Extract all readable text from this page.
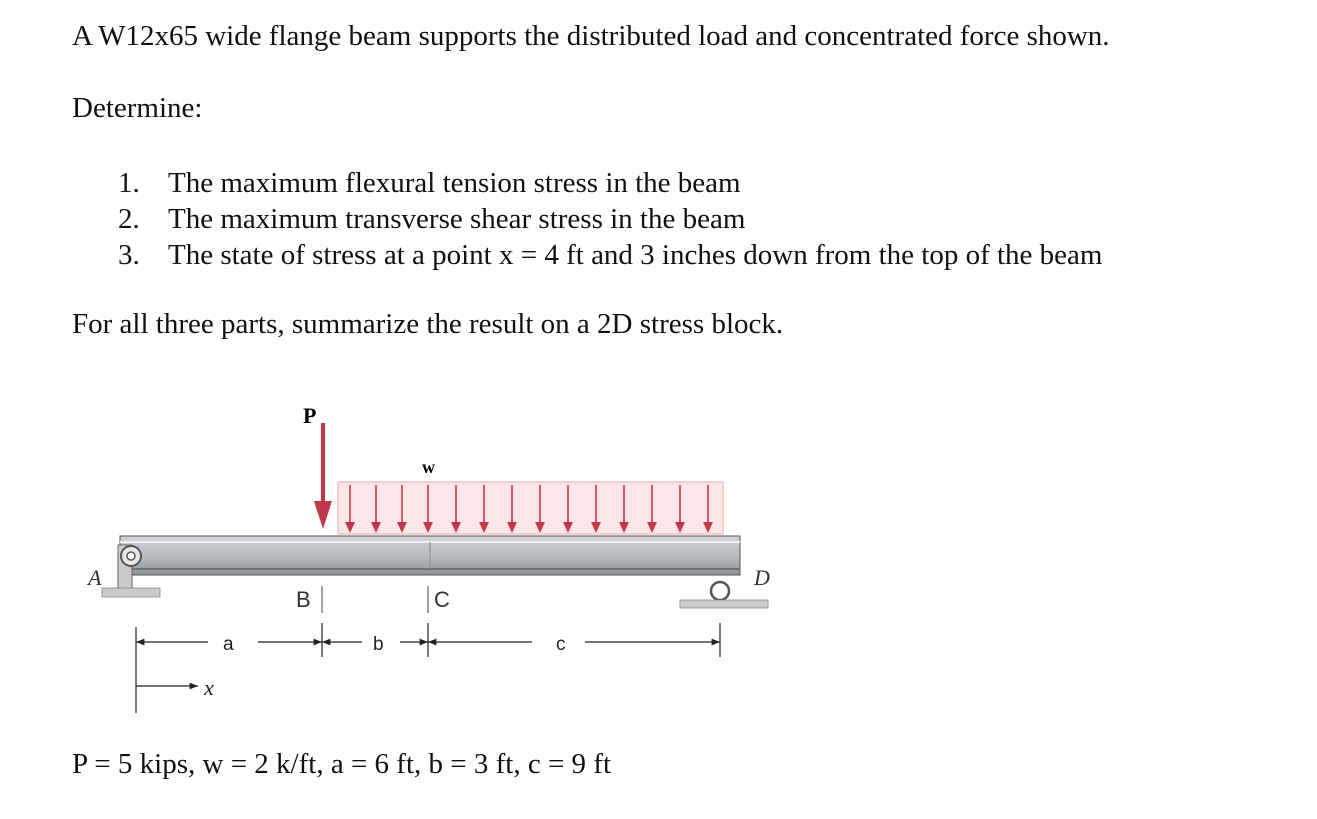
A W12x65 wide flange beam supports the distributed load and concentrated force shown.

Determine:

1. The maximum flexural tension stress in the beam
2. The maximum transverse shear stress in the beam
3. The state of stress at a point x = 4 ft and 3 inches down from the top of the beam

For all three parts, summarize the result on a 2D stress block.

P
w
A	D
B	C
a	b	c
x

P = 5 kips, w = 2 k/ft, a = 6 ft, b = 3 ft, c = 9 ft
